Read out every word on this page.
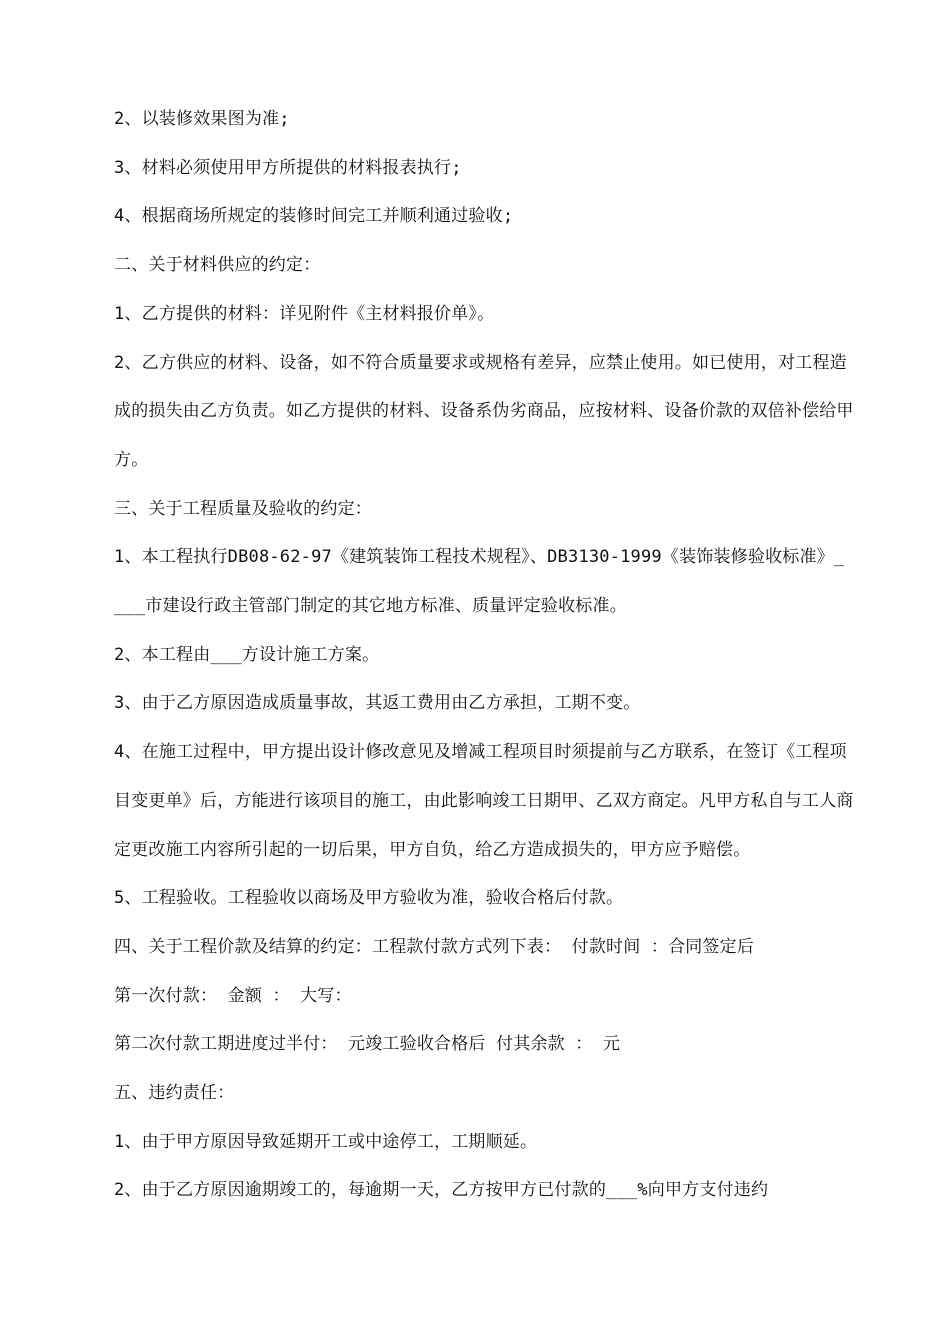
2、以装修效果图为准;

3、材料必须使用甲方所提供的材料报表执行;

4、根据商场所规定的装修时间完工并顺利通过验收;

二、关于材料供应的约定：

1、乙方提供的材料：详见附件《主材料报价单》。

2、乙方供应的材料、设备，如不符合质量要求或规格有差异，应禁止使用。如已使用，对工程造成的损失由乙方负责。如乙方提供的材料、设备系伪劣商品，应按材料、设备价款的双倍补偿给甲方。

三、关于工程质量及验收的约定：

1、本工程执行DB08-62-97《建筑装饰工程技术规程》、DB3130-1999《装饰装修验收标准》____市建设行政主管部门制定的其它地方标准、质量评定验收标准。

2、本工程由___方设计施工方案。

3、由于乙方原因造成质量事故，其返工费用由乙方承担，工期不变。

4、在施工过程中，甲方提出设计修改意见及增减工程项目时须提前与乙方联系，在签订《工程项目变更单》后，方能进行该项目的施工，由此影响竣工日期甲、乙双方商定。凡甲方私自与工人商定更改施工内容所引起的一切后果，甲方自负，给乙方造成损失的，甲方应予赔偿。

5、工程验收。工程验收以商场及甲方验收为准，验收合格后付款。

四、关于工程价款及结算的约定：工程款付款方式列下表： 付款时间 ：合同签定后

第一次付款： 金额 ： 大写：

第二次付款工期进度过半付： 元竣工验收合格后 付其余款 ： 元

五、违约责任：

1、由于甲方原因导致延期开工或中途停工，工期顺延。

2、由于乙方原因逾期竣工的，每逾期一天，乙方按甲方已付款的___%向甲方支付违约
